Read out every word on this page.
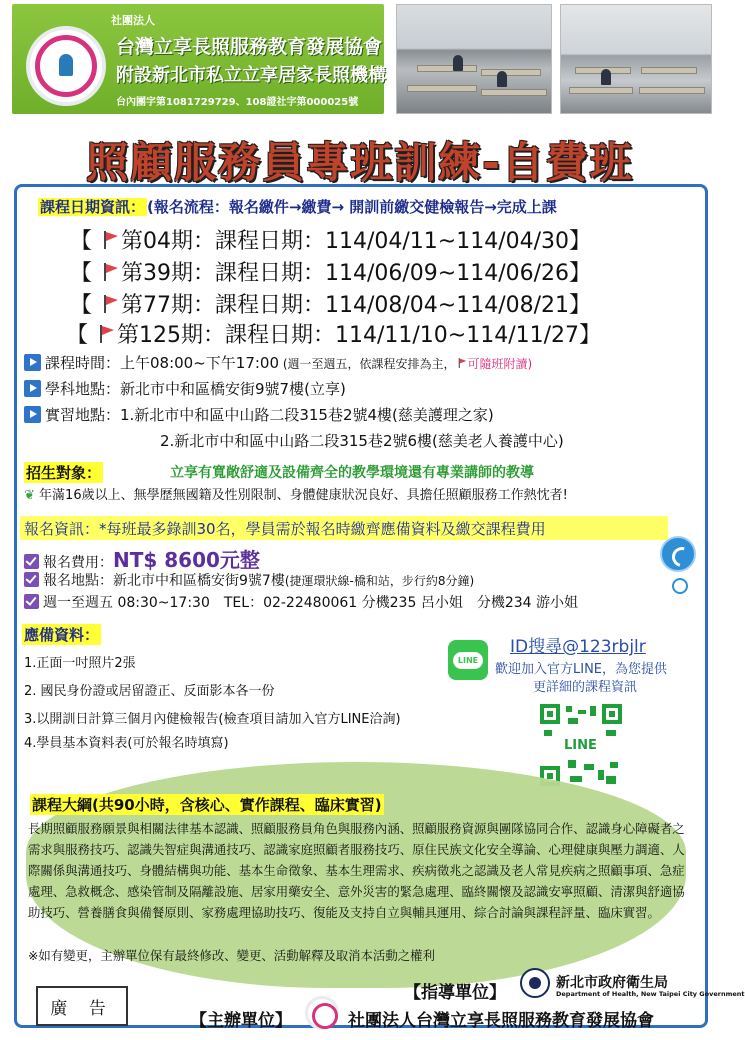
社團法人
台灣立享長照服務教育發展協會
附設新北市私立立享居家長照機構
台內團字第1081729729、108證社字第000025號
照顧服務員專班訓練-自費班
課程日期資訊： (報名流程：報名繳件→繳費→ 開訓前繳交健檢報告→完成上課
【 第04期：課程日期：114/04/11~114/04/30】
【 第39期：課程日期：114/06/09~114/06/26】
【 第77期：課程日期：114/08/04~114/08/21】
【 第125期：課程日期：114/11/10~114/11/27】
課程時間：上午08:00~下午17:00 (週一至週五，依課程安排為主， 可隨班附讀)
學科地點：新北市中和區橋安街9號7樓(立享)
實習地點：1.新北市中和區中山路二段315巷2號4樓(慈美護理之家)
2.新北市中和區中山路二段315巷2號6樓(慈美老人養護中心)
招生對象：	立享有寬敞舒適及設備齊全的教學環境還有專業講師的教導
❦ 年滿16歲以上、無學歷無國籍及性別限制、身體健康狀況良好、具擔任照顧服務工作熱忱者!
報名資訊：*每班最多錄訓30名，學員需於報名時繳齊應備資料及繳交課程費用
報名費用：NT$ 8600元整
報名地點：新北市中和區橋安街9號7樓(捷運環狀線-橋和站，步行約8分鐘)
週一至週五 08:30~17:30　TEL：02-22480061 分機235 呂小姐　分機234 游小姐
應備資料：
1.正面一吋照片2張
2. 國民身份證或居留證正、反面影本各一份
3.以開訓日計算三個月內健檢報告(檢查項目請加入官方LINE洽詢)
4.學員基本資料表(可於報名時填寫)
LINE
ID搜尋@123rbjlr
歡迎加入官方LINE，為您提供
更詳細的課程資訊
LINE
課程大綱(共90小時，含核心、實作課程、臨床實習)
長期照顧服務願景與相關法律基本認識、照顧服務員角色與服務內涵、照顧服務資源與團隊協同合作、認識身心障礙者之需求與服務技巧、認識失智症與溝通技巧、認識家庭照顧者服務技巧、原住民族文化安全導論、心理健康與壓力調適、人際關係與溝通技巧、身體結構與功能、基本生命徵象、基本生理需求、疾病徵兆之認識及老人常見疾病之照顧事項、急症處理、急救概念、感染管制及隔離設施、居家用藥安全、意外災害的緊急處理、臨終關懷及認識安寧照顧、清潔與舒適協助技巧、營養膳食與備餐原則、家務處理協助技巧、復能及支持自立與輔具運用、綜合討論與課程評量、臨床實習。
※如有變更，主辦單位保有最終修改、變更、活動解釋及取消本活動之權利
廣 告
【指導單位】	新北市政府衛生局
Department of Health, New Taipei City Government
【主辦單位】	社團法人台灣立享長照服務教育發展協會
